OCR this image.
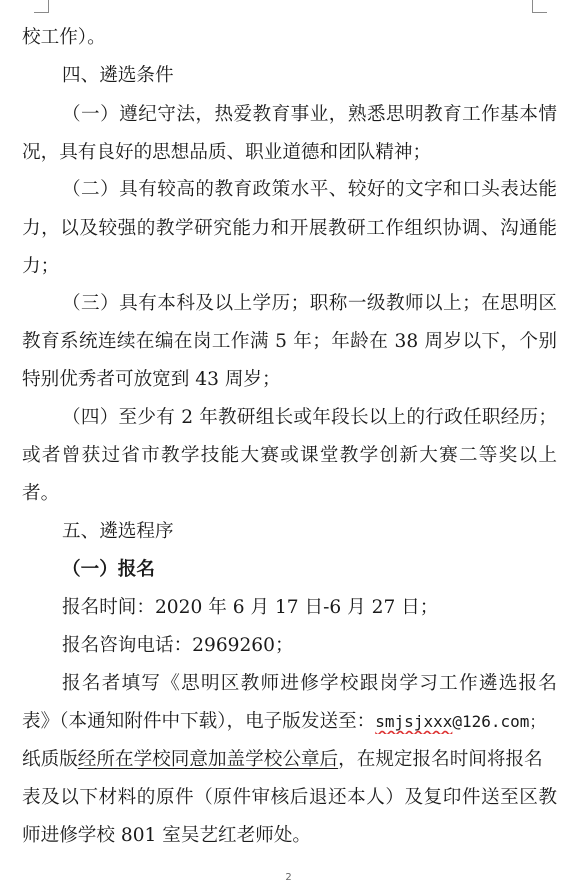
校工作）。
四、遴选条件
（一）遵纪守法，热爱教育事业，熟悉思明教育工作基本情
况，具有良好的思想品质、职业道德和团队精神；
（二）具有较高的教育政策水平、较好的文字和口头表达能
力，以及较强的教学研究能力和开展教研工作组织协调、沟通能
力；
（三）具有本科及以上学历；职称一级教师以上；在思明区
教育系统连续在编在岗工作满 5 年；年龄在 38 周岁以下，个别
特别优秀者可放宽到 43 周岁；
（四）至少有 2 年教研组长或年段长以上的行政任职经历；
或者曾获过省市教学技能大赛或课堂教学创新大赛二等奖以上
者。
五、遴选程序
（一）报名
报名时间：2020 年 6 月 17 日-6 月 27 日；
报名咨询电话：2969260；
报名者填写《思明区教师进修学校跟岗学习工作遴选报名
表》（本通知附件中下载），电子版发送至：smjsjxxx@126.com；
纸质版经所在学校同意加盖学校公章后，在规定报名时间将报名
表及以下材料的原件（原件审核后退还本人）及复印件送至区教
师进修学校 801 室吴艺红老师处。
2
